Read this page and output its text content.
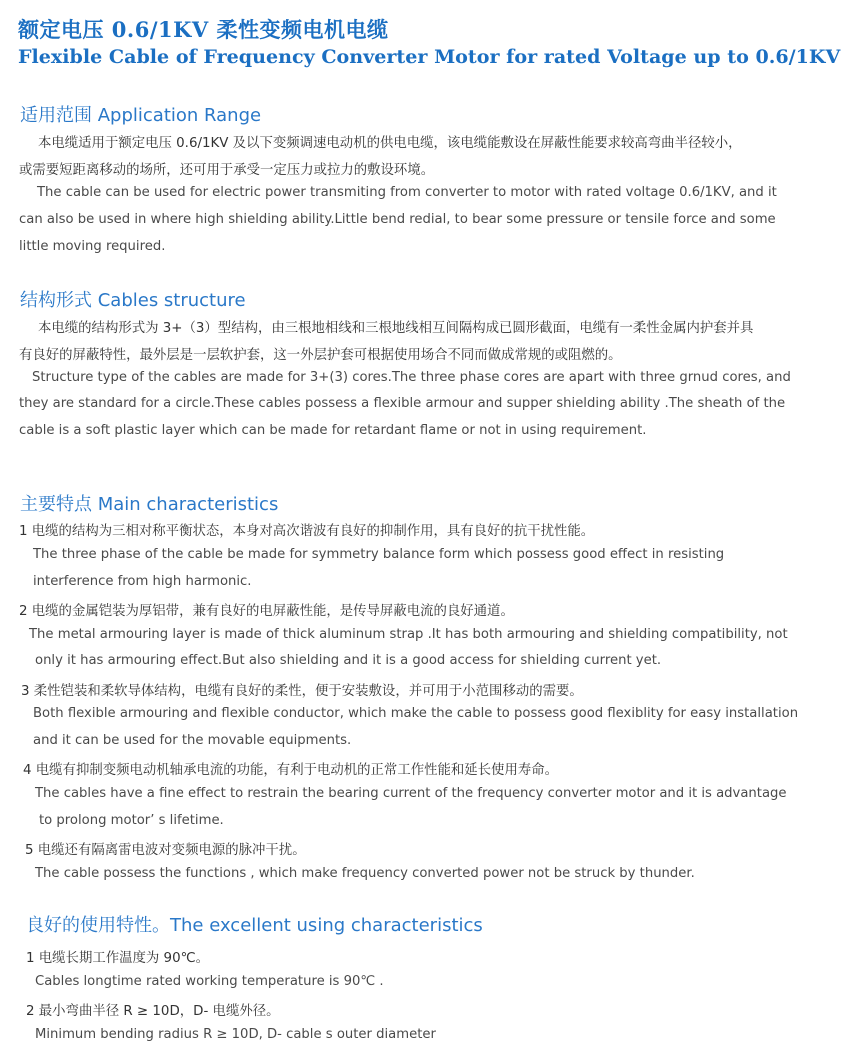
额定电压 0.6/1KV 柔性变频电机电缆
Flexible Cable of Frequency Converter Motor for rated Voltage up to 0.6/1KV
适用范围 Application Range
本电缆适用于额定电压 0.6/1KV 及以下变频调速电动机的供电电缆，该电缆能敷设在屏蔽性能要求较高弯曲半径较小，
或需要短距离移动的场所，还可用于承受一定压力或拉力的敷设环境。
The cable can be used for electric power transmiting from converter to motor with rated voltage 0.6/1KV, and it
can also be used in where high shielding ability.Little bend redial, to bear some pressure or tensile force and some
little moving required.
结构形式 Cables structure
本电缆的结构形式为 3+（3）型结构，由三根地相线和三根地线相互间隔构成已圆形截面，电缆有一柔性金属内护套并具
有良好的屏蔽特性，最外层是一层软护套，这一外层护套可根据使用场合不同而做成常规的或阻燃的。
Structure type of the cables are made for 3+(3) cores.The three phase cores are apart with three grnud cores, and
they are standard for a circle.These cables possess a flexible armour and supper shielding ability .The sheath of the
cable is a soft plastic layer which can be made for retardant flame or not in using requirement.
主要特点 Main characteristics
1 电缆的结构为三相对称平衡状态，本身对高次谐波有良好的抑制作用，具有良好的抗干扰性能。
The three phase of the cable be made for symmetry balance form which possess good effect in resisting
interference from high harmonic.
2 电缆的金属铠装为厚铝带，兼有良好的电屏蔽性能，是传导屏蔽电流的良好通道。
The metal armouring layer is made of thick aluminum strap .It has both armouring and shielding compatibility, not
only it has armouring effect.But also shielding and it is a good access for shielding current yet.
3 柔性铠装和柔软导体结构，电缆有良好的柔性，便于安装敷设，并可用于小范围移动的需要。
Both flexible armouring and flexible conductor, which make the cable to possess good flexiblity for easy installation
and it can be used for the movable equipments.
4 电缆有抑制变频电动机轴承电流的功能，有利于电动机的正常工作性能和延长使用寿命。
The cables have a fine effect to restrain the bearing current of the frequency converter motor and it is advantage
to prolong motor’ s lifetime.
5 电缆还有隔离雷电波对变频电源的脉冲干扰。
The cable possess the functions , which make frequency converted power not be struck by thunder.
良好的使用特性。The excellent using characteristics
1 电缆长期工作温度为 90℃。
Cables longtime rated working temperature is 90℃ .
2 最小弯曲半径 R ≥ 10D，D- 电缆外径。
Minimum bending radius R ≥ 10D, D- cable s outer diameter
